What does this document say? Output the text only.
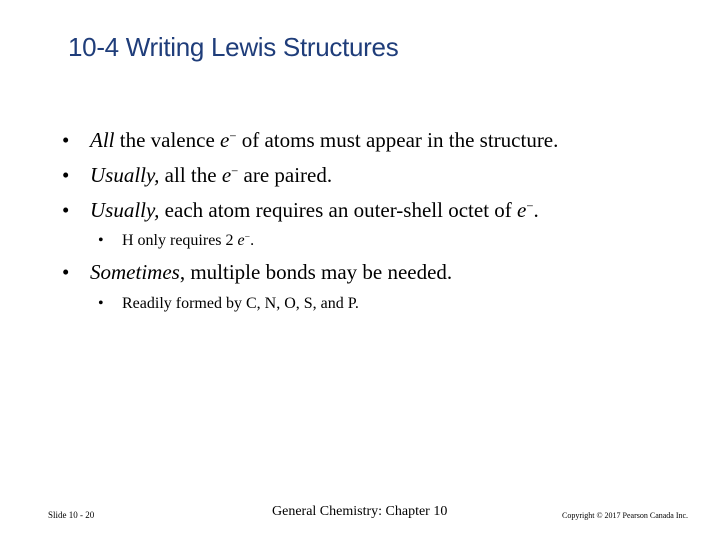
10-4 Writing Lewis Structures
• All the valence e− of atoms must appear in the structure.
• Usually, all the e− are paired.
• Usually, each atom requires an outer-shell octet of e−.
• H only requires 2 e−.
• Sometimes, multiple bonds may be needed.
• Readily formed by C, N, O, S, and P.
Slide 10 - 20	General Chemistry: Chapter 10	Copyright © 2017 Pearson Canada Inc.
